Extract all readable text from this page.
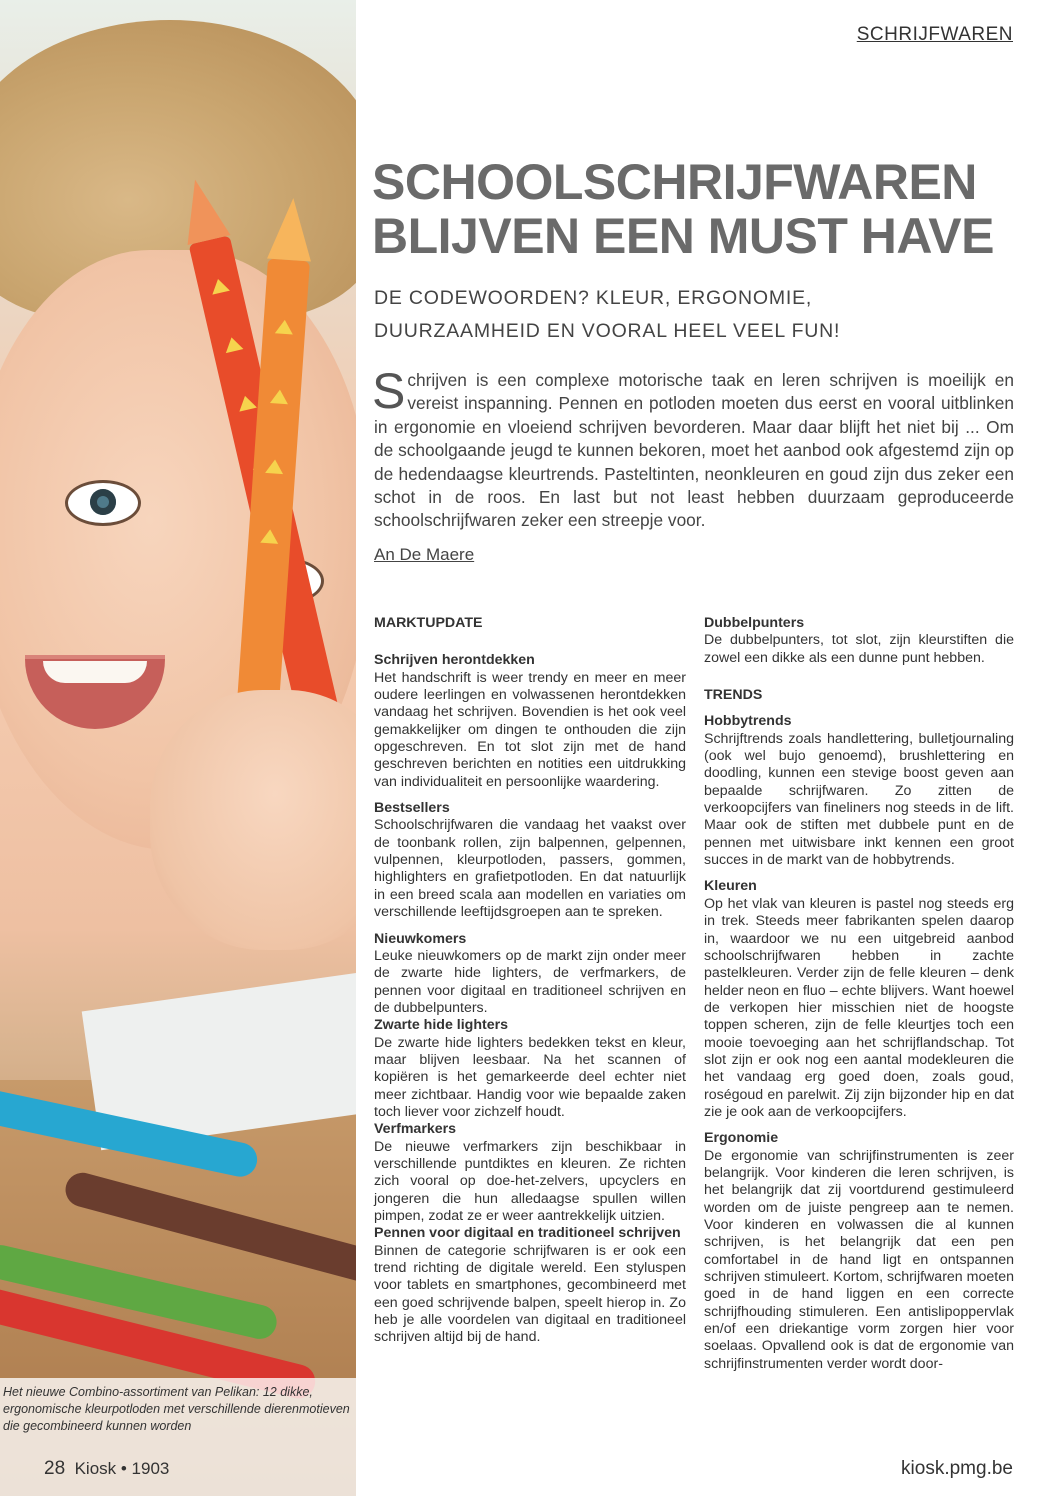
Het nieuwe Combino-assortiment van Pelikan: 12 dikke, ergonomische kleurpotloden met verschillende dierenmotieven die gecombineerd kunnen worden
28 Kiosk • 1903
SCHRIJFWAREN
SCHOOLSCHRIJFWAREN
BLIJVEN EEN MUST HAVE
DE CODEWOORDEN? KLEUR, ERGONOMIE,
DUURZAAMHEID EN VOORAL HEEL VEEL FUN!
Schrijven is een complexe motorische taak en leren schrijven is moeilijk en vereist inspanning. Pennen en potloden moeten dus eerst en vooral uitblinken in ergonomie en vloeiend schrijven bevorderen. Maar daar blijft het niet bij ... Om de schoolgaande jeugd te kunnen bekoren, moet het aanbod ook afgestemd zijn op de hedendaagse kleurtrends. Pasteltinten, neonkleuren en goud zijn dus zeker een schot in de roos. En last but not least hebben duurzaam geproduceerde schoolschrijfwaren zeker een streepje voor.
An De Maere
MARKTUPDATE
Schrijven herontdekken

Het handschrift is weer trendy en meer en meer oudere leerlingen en volwassenen herontdekken vandaag het schrijven. Bovendien is het ook veel gemakkelijker om dingen te onthouden die zijn opgeschreven. En tot slot zijn met de hand geschreven berichten en notities een uitdrukking van individualiteit en persoonlijke waardering.

Bestsellers

Schoolschrijfwaren die vandaag het vaakst over de toonbank rollen, zijn balpennen, gelpennen, vulpennen, kleurpotloden, passers, gommen, highlighters en grafietpotloden. En dat natuurlijk in een breed scala aan modellen en variaties om verschillende leeftijdsgroepen aan te spreken.

Nieuwkomers

Leuke nieuwkomers op de markt zijn onder meer de zwarte hide lighters, de verfmarkers, de pennen voor digitaal en traditioneel schrijven en de dubbelpunters.

Zwarte hide lighters

De zwarte hide lighters bedekken tekst en kleur, maar blijven leesbaar. Na het scannen of kopiëren is het gemarkeerde deel echter niet meer zichtbaar. Handig voor wie bepaalde zaken toch liever voor zichzelf houdt.

Verfmarkers

De nieuwe verfmarkers zijn beschikbaar in verschillende puntdiktes en kleuren. Ze richten zich vooral op doe-het-zelvers, upcyclers en jongeren die hun alledaagse spullen willen pimpen, zodat ze er weer aantrekkelijk uitzien.

Pennen voor digitaal en traditioneel schrijven

Binnen de categorie schrijfwaren is er ook een trend richting de digitale wereld. Een styluspen voor tablets en smartphones, gecombineerd met een goed schrijvende balpen, speelt hierop in. Zo heb je alle voordelen van digitaal en traditioneel schrijven altijd bij de hand.

Dubbelpunters

De dubbelpunters, tot slot, zijn kleurstiften die zowel een dikke als een dunne punt hebben.

TRENDS
Hobbytrends

Schrijftrends zoals handlettering, bulletjournaling (ook wel bujo genoemd), brushlettering en doodling, kunnen een stevige boost geven aan bepaalde schrijfwaren. Zo zitten de verkoopcijfers van fineliners nog steeds in de lift. Maar ook de stiften met dubbele punt en de pennen met uitwisbare inkt kennen een groot succes in de markt van de hobbytrends.

Kleuren

Op het vlak van kleuren is pastel nog steeds erg in trek. Steeds meer fabrikanten spelen daarop in, waardoor we nu een uitgebreid aanbod schoolschrijfwaren hebben in zachte pastelkleuren. Verder zijn de felle kleuren – denk helder neon en fluo – echte blijvers. Want hoewel de verkopen hier misschien niet de hoogste toppen scheren, zijn de felle kleurtjes toch een mooie toevoeging aan het schrijflandschap. Tot slot zijn er ook nog een aantal modekleuren die het vandaag erg goed doen, zoals goud, roségoud en parelwit. Zij zijn bijzonder hip en dat zie je ook aan de verkoopcijfers.

Ergonomie

De ergonomie van schrijfinstrumenten is zeer belangrijk. Voor kinderen die leren schrijven, is het belangrijk dat zij voortdurend gestimuleerd worden om de juiste pengreep aan te nemen. Voor kinderen en volwassen die al kunnen schrijven, is het belangrijk dat een pen comfortabel in de hand ligt en ontspannen schrijven stimuleert. Kortom, schrijfwaren moeten goed in de hand liggen en een correcte schrijfhouding stimuleren. Een antislipoppervlak en/of een driekantige vorm zorgen hier voor soelaas. Opvallend ook is dat de ergonomie van schrijfinstrumenten verder wordt door-

kiosk.pmg.be
